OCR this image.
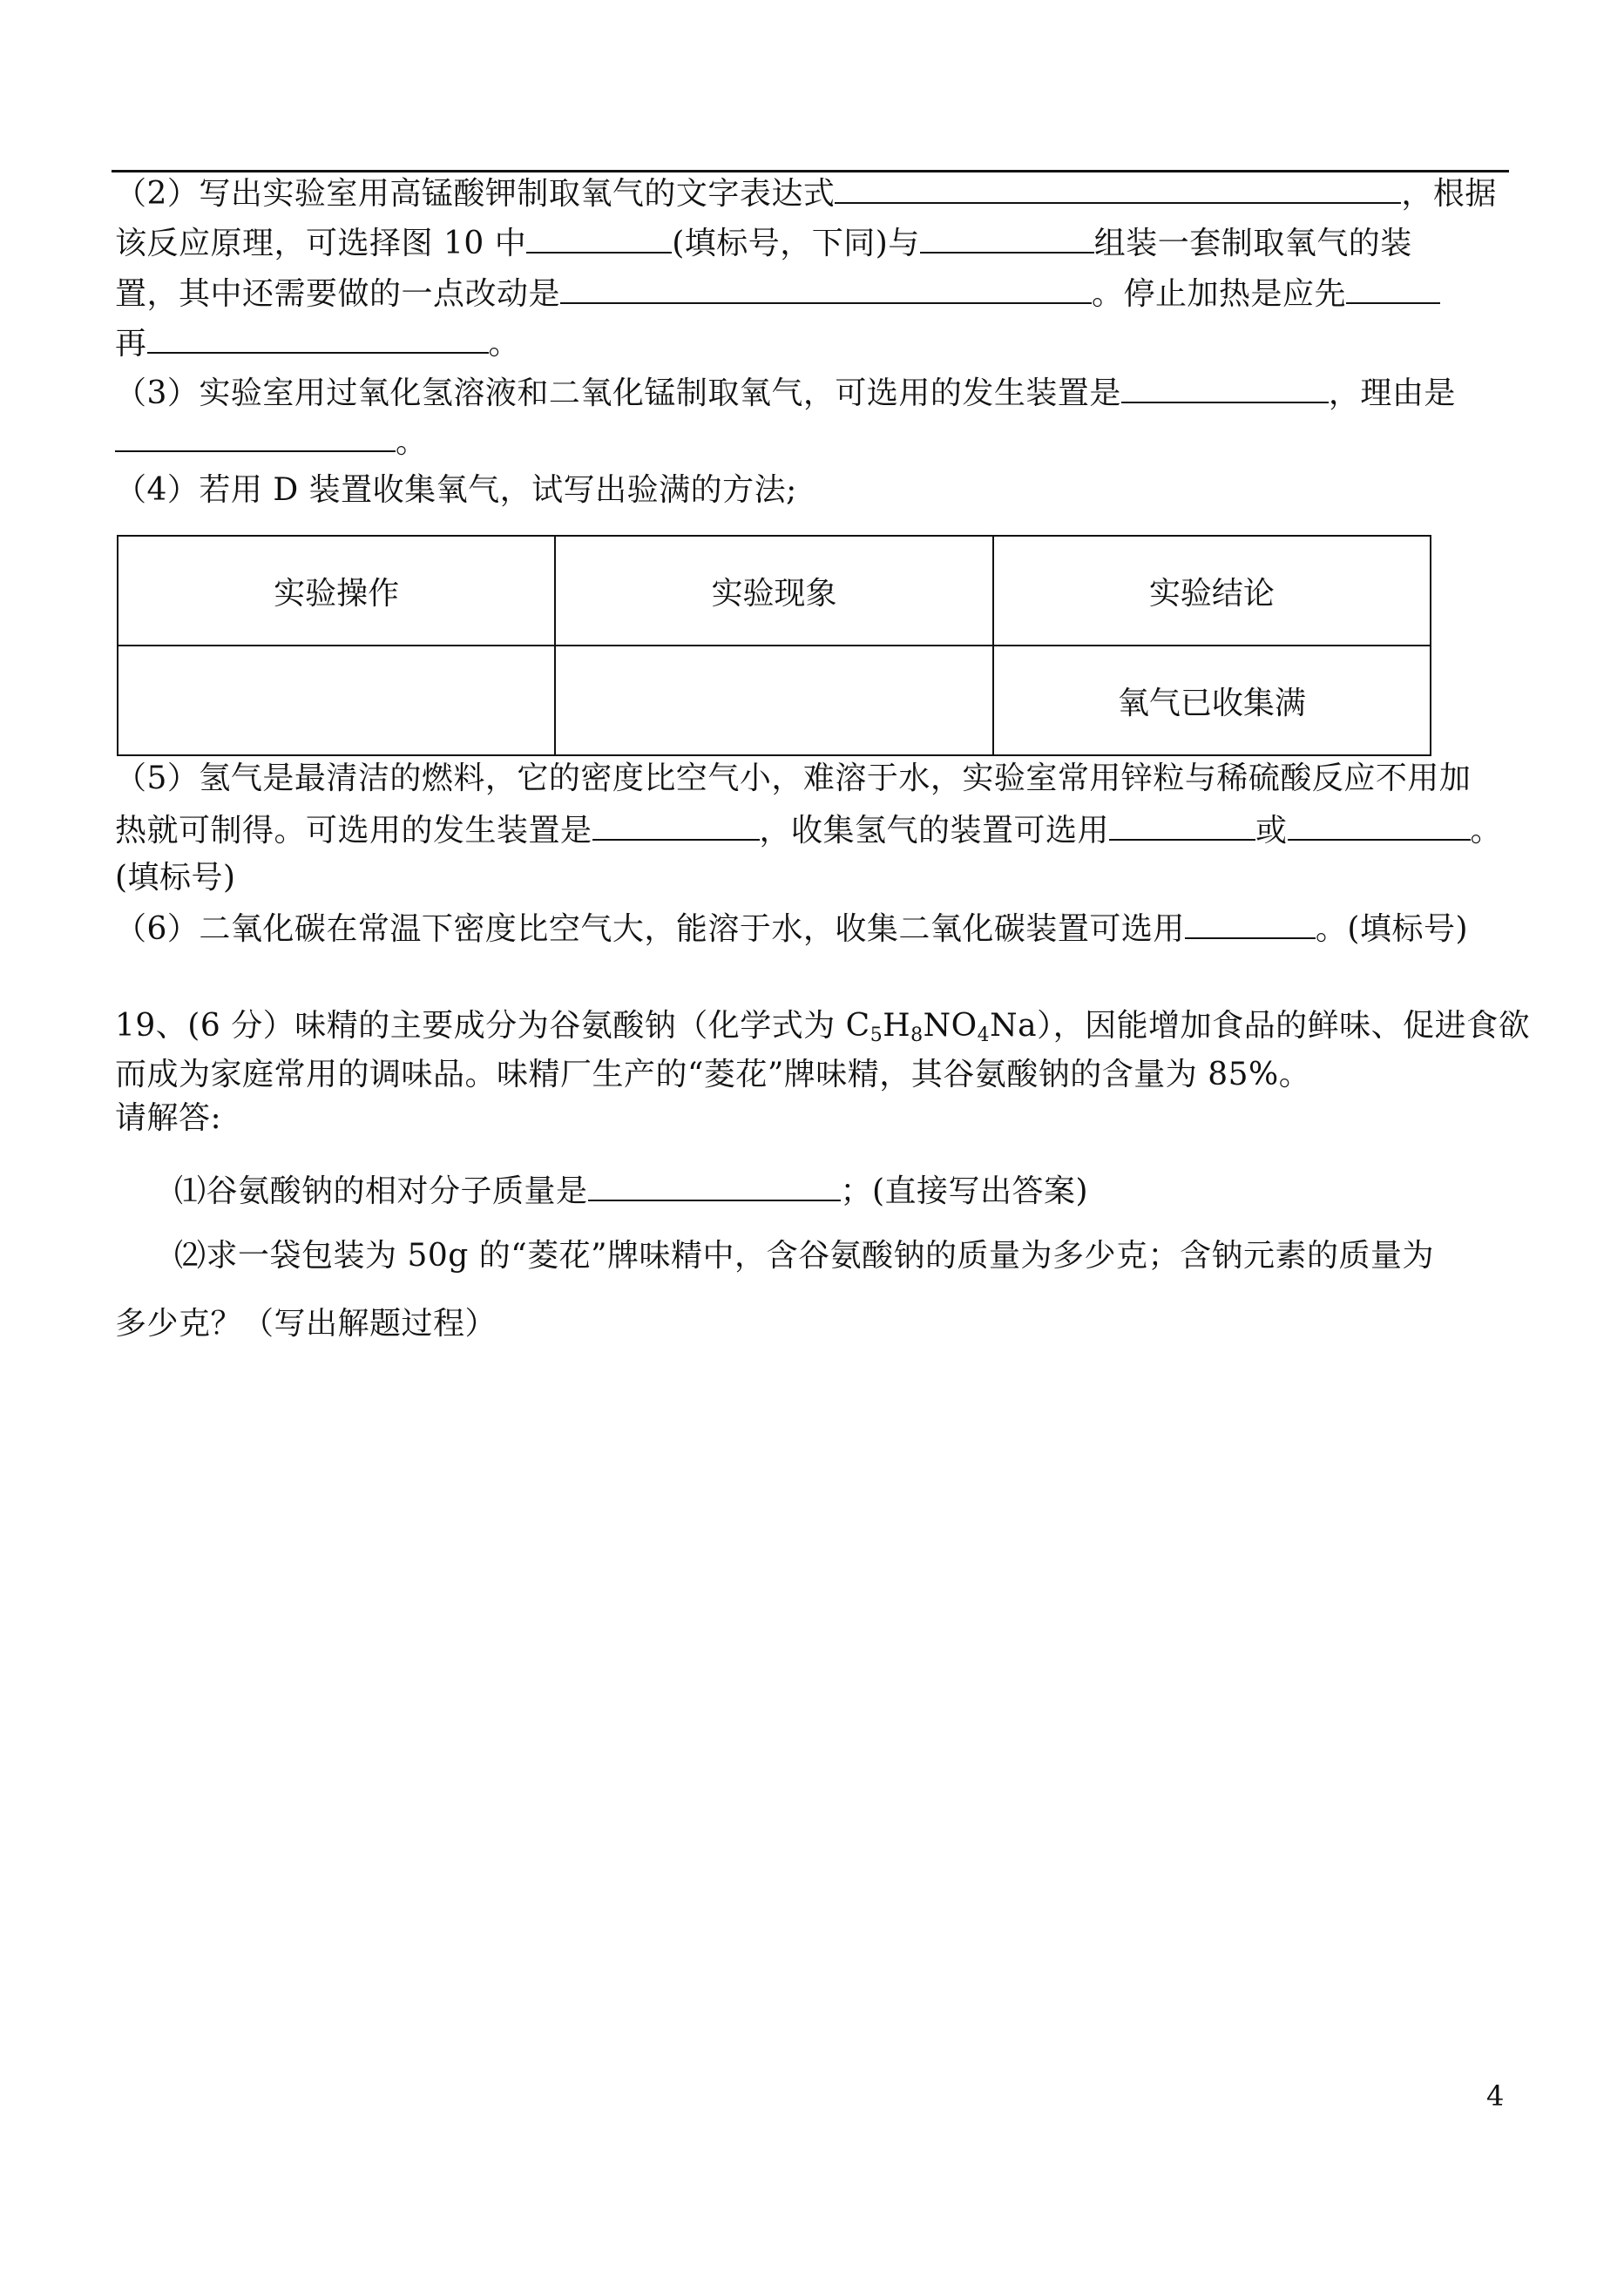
（2）写出实验室用高锰酸钾制取氧气的文字表达式	，根据
该反应原理，可选择图 10 中	(填标号，下同)与	组装一套制取氧气的装
置，其中还需要做的一点改动是	。停止加热是应先
再	。
（3）实验室用过氧化氢溶液和二氧化锰制取氧气，可选用的发生装置是	，理由是
。
（4）若用 D 装置收集氧气，试写出验满的方法;
实验操作	实验现象	实验结论
		氧气已收集满
（5）氢气是最清洁的燃料，它的密度比空气小，难溶于水，实验室常用锌粒与稀硫酸反应不用加
热就可制得。可选用的发生装置是	，收集氢气的装置可选用	或	。
(填标号)
（6）二氧化碳在常温下密度比空气大，能溶于水，收集二氧化碳装置可选用	。(填标号)
19、(6 分）味精的主要成分为谷氨酸钠（化学式为 $C_5H_8NO_4Na$），因能增加食品的鲜味、促进食欲
而成为家庭常用的调味品。味精厂生产的“菱花”牌味精，其谷氨酸钠的含量为 85%。
请解答:
⑴谷氨酸钠的相对分子质量是	；(直接写出答案)
⑵求一袋包装为 50g 的“菱花”牌味精中，含谷氨酸钠的质量为多少克；含钠元素的质量为
多少克？（写出解题过程）
4
